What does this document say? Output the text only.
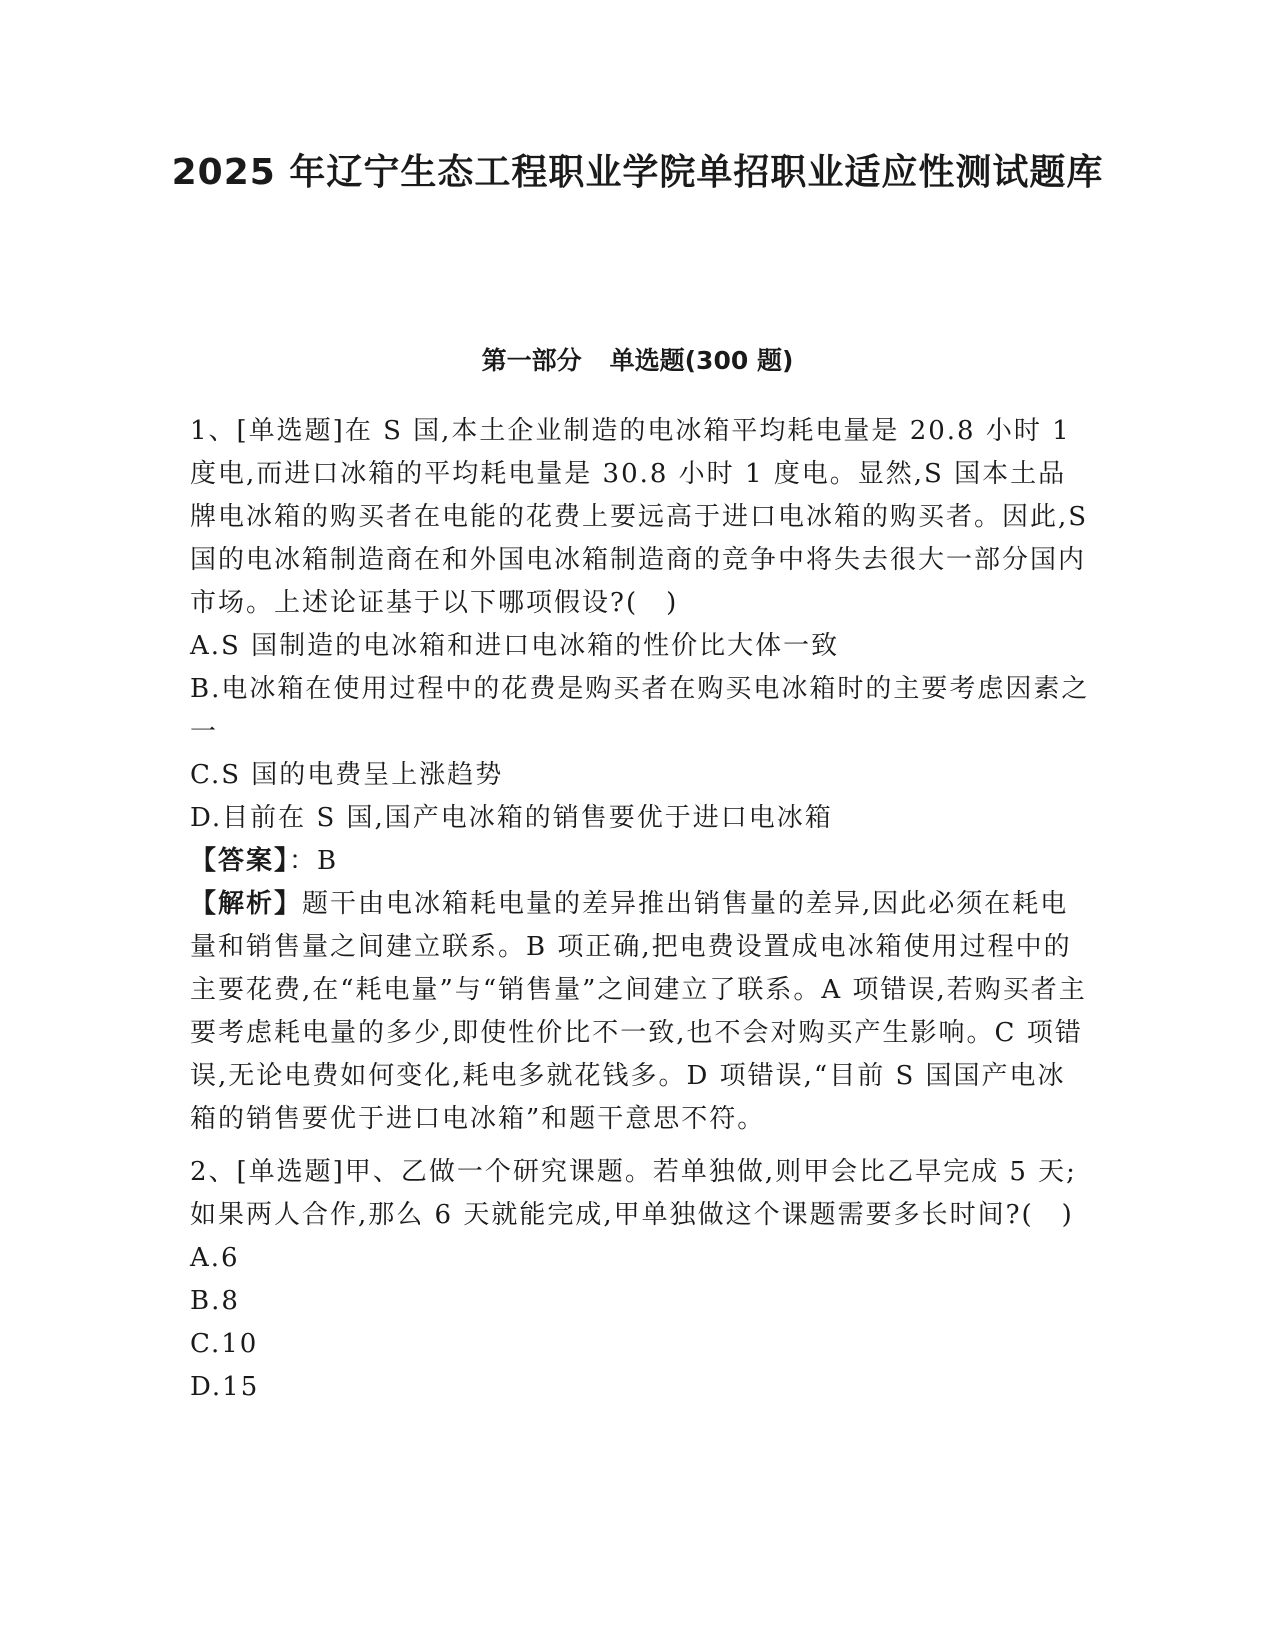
2025 年辽宁生态工程职业学院单招职业适应性测试题库
第一部分 单选题(300 题)

1、[单选题]在 S 国,本土企业制造的电冰箱平均耗电量是 20.8 小时 1 度电,而进口冰箱的平均耗电量是 30.8 小时 1 度电。显然,S 国本土品牌电冰箱的购买者在电能的花费上要远高于进口电冰箱的购买者。因此,S 国的电冰箱制造商在和外国电冰箱制造商的竞争中将失去很大一部分国内市场。上述论证基于以下哪项假设?(　)

A.S 国制造的电冰箱和进口电冰箱的性价比大体一致

B.电冰箱在使用过程中的花费是购买者在购买电冰箱时的主要考虑因素之一

C.S 国的电费呈上涨趋势

D.目前在 S 国,国产电冰箱的销售要优于进口电冰箱

【答案】：B

【解析】题干由电冰箱耗电量的差异推出销售量的差异,因此必须在耗电量和销售量之间建立联系。B 项正确,把电费设置成电冰箱使用过程中的主要花费,在“耗电量”与“销售量”之间建立了联系。A 项错误,若购买者主要考虑耗电量的多少,即使性价比不一致,也不会对购买产生影响。C 项错误,无论电费如何变化,耗电多就花钱多。D 项错误,“目前 S 国国产电冰箱的销售要优于进口电冰箱”和题干意思不符。

2、[单选题]甲、乙做一个研究课题。若单独做,则甲会比乙早完成 5 天;如果两人合作,那么 6 天就能完成,甲单独做这个课题需要多长时间?(　)

A.6

B.8

C.10

D.15
